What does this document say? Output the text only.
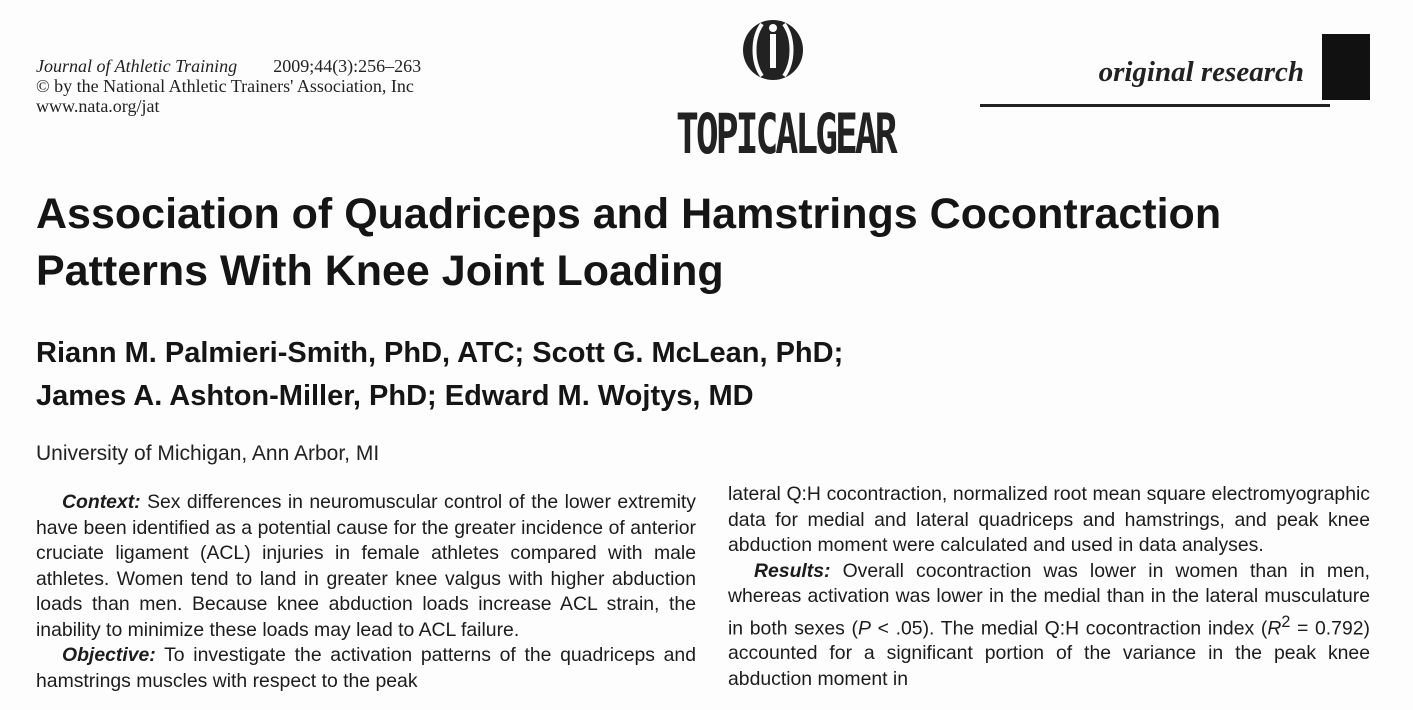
Journal of Athletic Training 2009;44(3):256–263
© by the National Athletic Trainers' Association, Inc
www.nata.org/jat	TOPICALGEAR
original research
Association of Quadriceps and Hamstrings Cocontraction Patterns With Knee Joint Loading
Riann M. Palmieri-Smith, PhD, ATC; Scott G. McLean, PhD;
James A. Ashton-Miller, PhD; Edward M. Wojtys, MD
University of Michigan, Ann Arbor, MI

Context: Sex differences in neuromuscular control of the lower extremity have been identified as a potential cause for the greater incidence of anterior cruciate ligament (ACL) injuries in female athletes compared with male athletes. Women tend to land in greater knee valgus with higher abduction loads than men. Because knee abduction loads increase ACL strain, the inability to minimize these loads may lead to ACL failure.

Objective: To investigate the activation patterns of the quadriceps and hamstrings muscles with respect to the peak

lateral Q:H cocontraction, normalized root mean square electromyographic data for medial and lateral quadriceps and hamstrings, and peak knee abduction moment were calculated and used in data analyses.

Results: Overall cocontraction was lower in women than in men, whereas activation was lower in the medial than in the lateral musculature in both sexes (P < .05). The medial Q:H cocontraction index $(R^2 = 0.792)$ accounted for a significant portion of the variance in the peak knee abduction moment in
